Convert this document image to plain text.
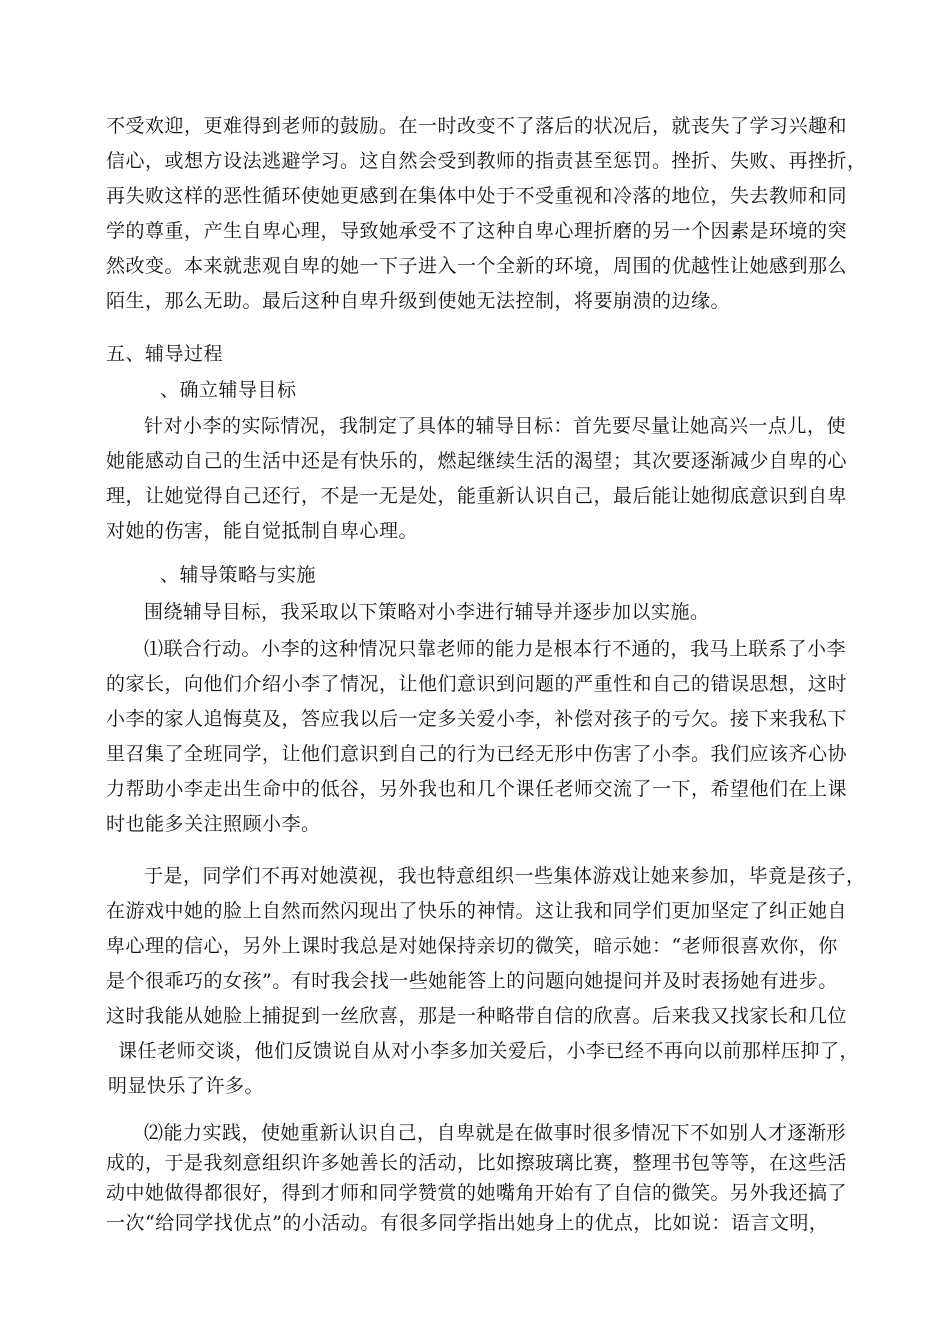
不受欢迎，更难得到老师的鼓励。在一时改变不了落后的状况后，就丧失了学习兴趣和
信心，或想方设法逃避学习。这自然会受到教师的指责甚至惩罚。挫折、失败、再挫折，
再失败这样的恶性循环使她更感到在集体中处于不受重视和冷落的地位，失去教师和同
学的尊重，产生自卑心理，导致她承受不了这种自卑心理折磨的另一个因素是环境的突
然改变。本来就悲观自卑的她一下子进入一个全新的环境，周围的优越性让她感到那么
陌生，那么无助。最后这种自卑升级到使她无法控制，将要崩溃的边缘。
五、辅导过程
、确立辅导目标
针对小李的实际情况，我制定了具体的辅导目标：首先要尽量让她高兴一点儿，使
她能感动自己的生活中还是有快乐的，燃起继续生活的渴望；其次要逐渐减少自卑的心
理，让她觉得自己还行，不是一无是处，能重新认识自己，最后能让她彻底意识到自卑
对她的伤害，能自觉抵制自卑心理。
、辅导策略与实施
围绕辅导目标，我采取以下策略对小李进行辅导并逐步加以实施。
⑴联合行动。小李的这种情况只靠老师的能力是根本行不通的，我马上联系了小李
的家长，向他们介绍小李了情况，让他们意识到问题的严重性和自己的错误思想，这时
小李的家人追悔莫及，答应我以后一定多关爱小李，补偿对孩子的亏欠。接下来我私下
里召集了全班同学，让他们意识到自己的行为已经无形中伤害了小李。我们应该齐心协
力帮助小李走出生命中的低谷，另外我也和几个课任老师交流了一下，希望他们在上课
时也能多关注照顾小李。
于是，同学们不再对她漠视，我也特意组织一些集体游戏让她来参加，毕竟是孩子，
在游戏中她的脸上自然而然闪现出了快乐的神情。这让我和同学们更加坚定了纠正她自
卑心理的信心，另外上课时我总是对她保持亲切的微笑，暗示她：“老师很喜欢你，你
是个很乖巧的女孩”。有时我会找一些她能答上的问题向她提问并及时表扬她有进步。
这时我能从她脸上捕捉到一丝欣喜，那是一种略带自信的欣喜。后来我又找家长和几位
课任老师交谈，他们反馈说自从对小李多加关爱后，小李已经不再向以前那样压抑了，
明显快乐了许多。
⑵能力实践，使她重新认识自己，自卑就是在做事时很多情况下不如别人才逐渐形
成的，于是我刻意组织许多她善长的活动，比如擦玻璃比赛，整理书包等等，在这些活
动中她做得都很好，得到才师和同学赞赏的她嘴角开始有了自信的微笑。另外我还搞了
一次“给同学找优点”的小活动。有很多同学指出她身上的优点，比如说：语言文明，
